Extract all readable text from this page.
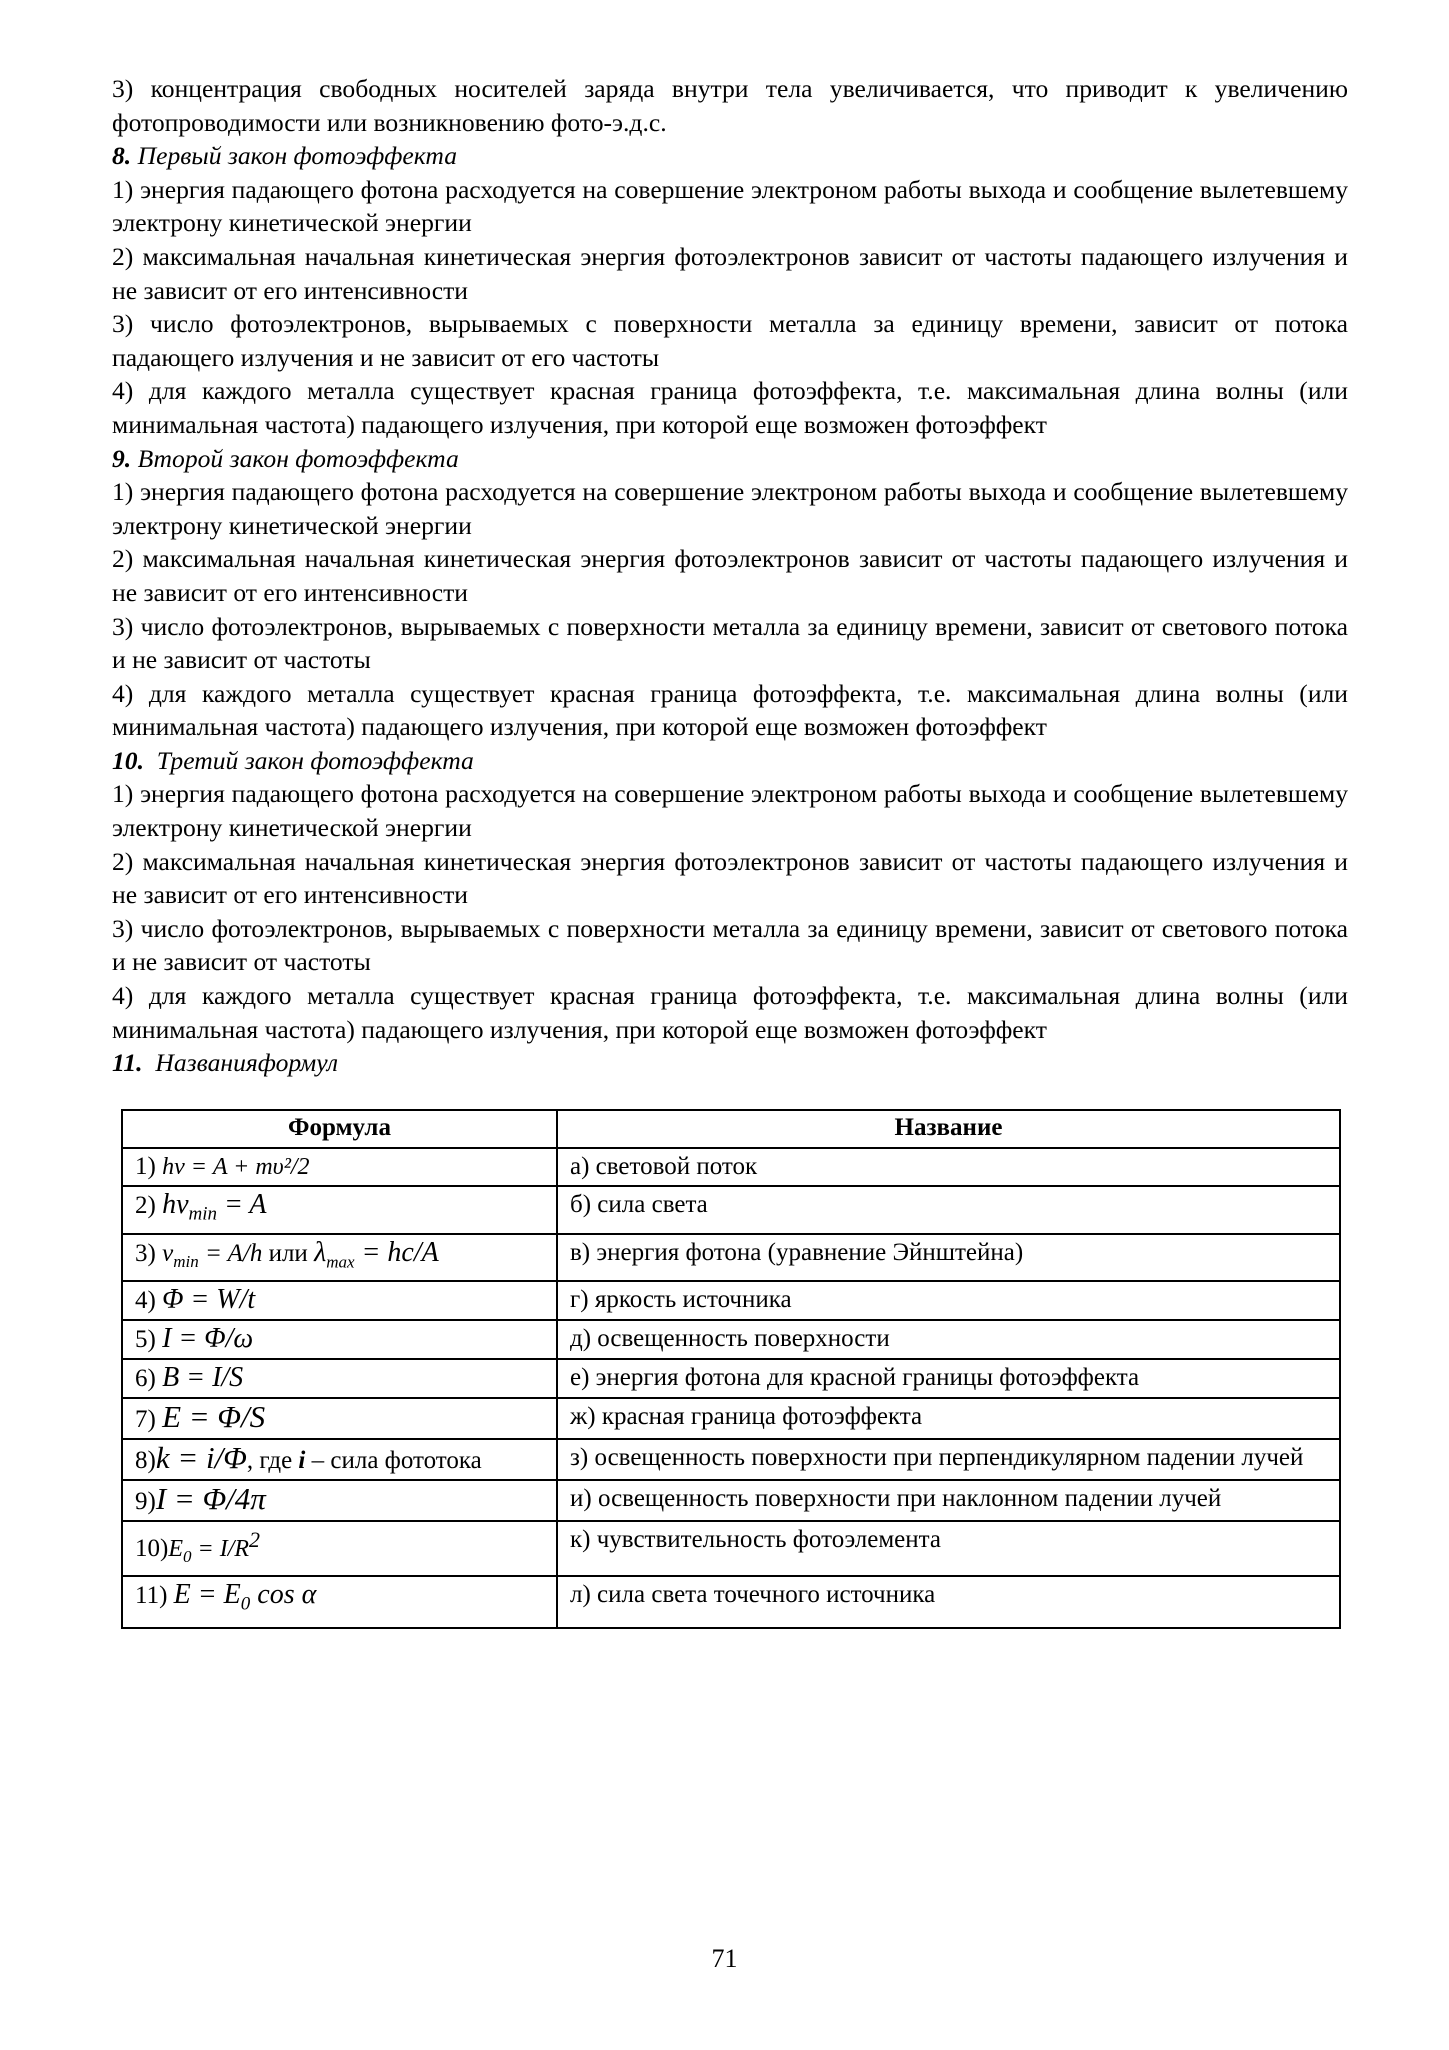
3) концентрация свободных носителей заряда внутри тела увеличивается, что приводит к увеличению фотопроводимости или возникновению фото-э.д.с.

8. Первый закон фотоэффекта

1) энергия падающего фотона расходуется на совершение электроном работы выхода и сообщение вылетевшему электрону кинетической энергии

2) максимальная начальная кинетическая энергия фотоэлектронов зависит от частоты падающего излучения и не зависит от его интенсивности

3) число фотоэлектронов, вырываемых с поверхности металла за единицу времени, зависит от потока падающего излучения и не зависит от его частоты

4) для каждого металла существует красная граница фотоэффекта, т.е. максимальная длина волны (или минимальная частота) падающего излучения, при которой еще возможен фотоэффект

9. Второй закон фотоэффекта

1) энергия падающего фотона расходуется на совершение электроном работы выхода и сообщение вылетевшему электрону кинетической энергии

2) максимальная начальная кинетическая энергия фотоэлектронов зависит от частоты падающего излучения и не зависит от его интенсивности

3) число фотоэлектронов, вырываемых с поверхности металла за единицу времени, зависит от светового потока и не зависит от частоты

4) для каждого металла существует красная граница фотоэффекта, т.е. максимальная длина волны (или минимальная частота) падающего излучения, при которой еще возможен фотоэффект

10. Третий закон фотоэффекта

1) энергия падающего фотона расходуется на совершение электроном работы выхода и сообщение вылетевшему электрону кинетической энергии

2) максимальная начальная кинетическая энергия фотоэлектронов зависит от частоты падающего излучения и не зависит от его интенсивности

3) число фотоэлектронов, вырываемых с поверхности металла за единицу времени, зависит от светового потока и не зависит от частоты

4) для каждого металла существует красная граница фотоэффекта, т.е. максимальная длина волны (или минимальная частота) падающего излучения, при которой еще возможен фотоэффект

11. Названияформул

Формула	Название
1) hν = A + mυ²/2	а) световой поток
2) $h\nu_{min} = A$	б) сила света
3) $\nu_{min} = A/h$ или $\lambda_{max} = hc/A$	в) энергия фотона (уравнение Эйнштейна)
4) Φ = W/t	г) яркость источника
5) I = Φ/ω	д) освещенность поверхности
6) B = I/S	е) энергия фотона для красной границы фотоэффекта
7) E = Φ/S	ж) красная граница фотоэффекта
8)k = i/Φ, где i – сила фототока	з) освещенность поверхности при перпендикулярном падении лучей
9)I = Φ/4π	и) освещенность поверхности при наклонном падении лучей
$10)E_0 = I/R^2$	к) чувствительность фотоэлемента
11) $E = E_0$ cos α	л) сила света точечного источника
71
